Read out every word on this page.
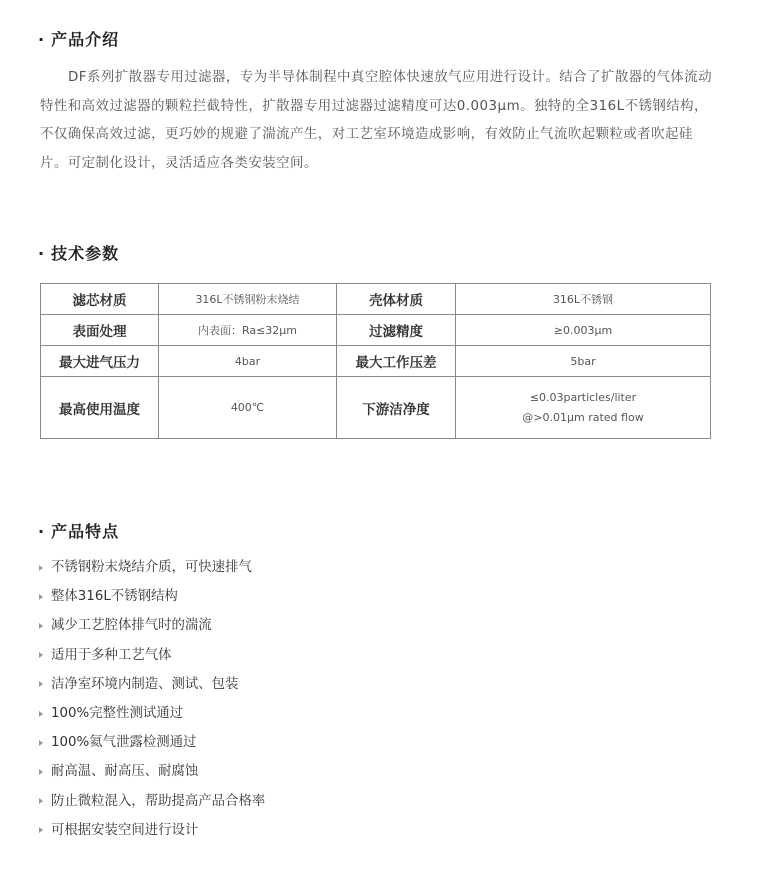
· 产品介绍
DF系列扩散器专用过滤器，专为半导体制程中真空腔体快速放气应用进行设计。结合了扩散器的气体流动特性和高效过滤器的颗粒拦截特性，扩散器专用过滤器过滤精度可达0.003μm。独特的全316L不锈钢结构，不仅确保高效过滤，更巧妙的规避了湍流产生，对工艺室环境造成影响，有效防止气流吹起颗粒或者吹起硅片。可定制化设计，灵活适应各类安装空间。
· 技术参数
滤芯材质	316L不锈钢粉末烧结	壳体材质	316L不锈钢
表面处理	内表面：Ra≤32μm	过滤精度	≥0.003μm
最大进气压力	4bar	最大工作压差	5bar
最高使用温度	400℃	下游洁净度	≤0.03particles/liter
@>0.01μm rated flow
· 产品特点
不锈钢粉末烧结介质，可快速排气
整体316L不锈钢结构
减少工艺腔体排气时的湍流
适用于多种工艺气体
洁净室环境内制造、测试、包装
100%完整性测试通过
100%氦气泄露检测通过
耐高温、耐高压、耐腐蚀
防止微粒混入，帮助提高产品合格率
可根据安装空间进行设计
